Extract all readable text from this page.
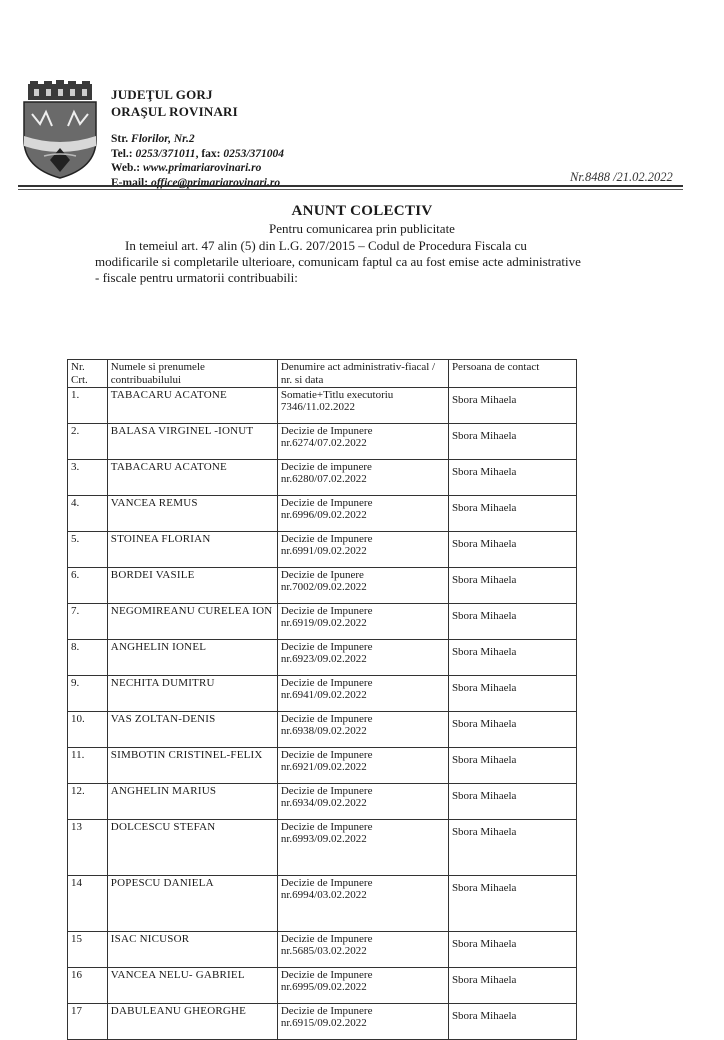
JUDEŢUL GORJ
ORAŞUL ROVINARI
Str. Florilor, Nr.2
Tel.: 0253/371011, fax: 0253/371004
Web.: www.primariarovinari.ro
E-mail: office@primariarovinari.ro	Nr.8488 /21.02.2022
ANUNT COLECTIV
Pentru comunicarea prin publicitate
In temeiul art. 47 alin (5) din L.G. 207/2015 – Codul de Procedura Fiscala cu
modificarile si completarile ulterioare, comunicam faptul ca au fost emise acte administrative
- fiscale pentru urmatorii contribuabili:
Nr. Crt.	Numele si prenumele contribuabilului	Denumire act administrativ-fiacal / nr. si data	Persoana de contact
1.	TABACARU ACATONE	Somatie+Titlu executoriu
7346/11.02.2022	Sbora Mihaela
2.	BALASA VIRGINEL -IONUT	Decizie de Impunere
nr.6274/07.02.2022	Sbora Mihaela
3.	TABACARU ACATONE	Decizie de impunere
nr.6280/07.02.2022	Sbora Mihaela
4.	VANCEA REMUS	Decizie de Impunere
nr.6996/09.02.2022	Sbora Mihaela
5.	STOINEA FLORIAN	Decizie de Impunere
nr.6991/09.02.2022	Sbora Mihaela
6.	BORDEI VASILE	Decizie de Ipunere
nr.7002/09.02.2022	Sbora Mihaela
7.	NEGOMIREANU CURELEA ION	Decizie de Impunere
nr.6919/09.02.2022	Sbora Mihaela
8.	ANGHELIN IONEL	Decizie de Impunere
nr.6923/09.02.2022	Sbora Mihaela
9.	NECHITA DUMITRU	Decizie de Impunere
nr.6941/09.02.2022	Sbora Mihaela
10.	VAS ZOLTAN-DENIS	Decizie de Impunere
nr.6938/09.02.2022	Sbora Mihaela
11.	SIMBOTIN CRISTINEL-FELIX	Decizie de Impunere
nr.6921/09.02.2022	Sbora Mihaela
12.	ANGHELIN MARIUS	Decizie de Impunere
nr.6934/09.02.2022	Sbora Mihaela
13	DOLCESCU STEFAN	Decizie de Impunere
nr.6993/09.02.2022	Sbora Mihaela
14	POPESCU DANIELA	Decizie de Impunere
nr.6994/03.02.2022	Sbora Mihaela
15	ISAC NICUSOR	Decizie de Impunere
nr.5685/03.02.2022	Sbora Mihaela
16	VANCEA NELU- GABRIEL	Decizie de Impunere
nr.6995/09.02.2022	Sbora Mihaela
17	DABULEANU GHEORGHE	Decizie de Impunere
nr.6915/09.02.2022	Sbora Mihaela
